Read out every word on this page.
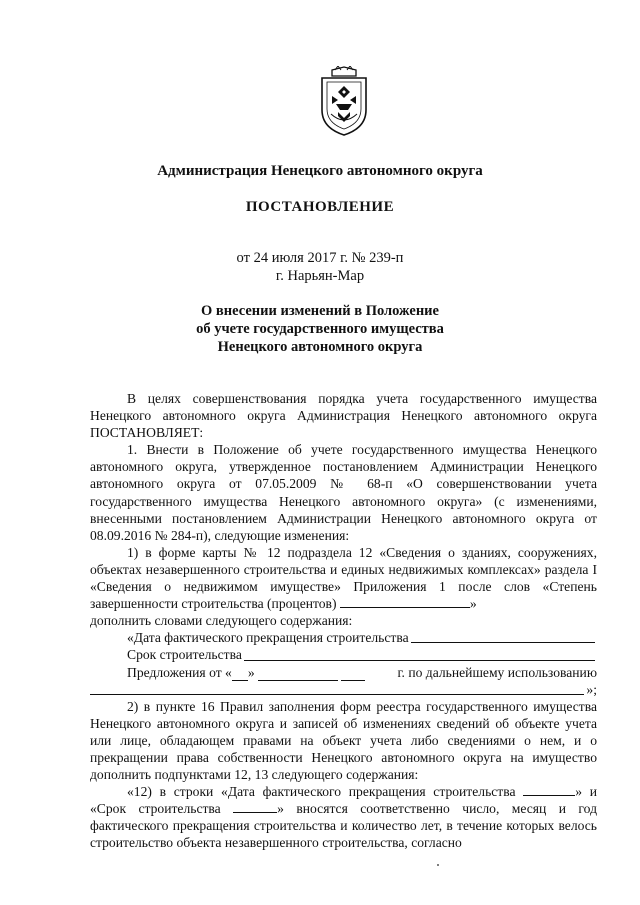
Администрация Ненецкого автономного округа
ПОСТАНОВЛЕНИЕ
от 24 июля 2017 г. № 239-п
г. Нарьян-Мар
О внесении изменений в Положение
об учете государственного имущества
Ненецкого автономного округа

В целях совершенствования порядка учета государственного имущества Ненецкого автономного округа Администрация Ненецкого автономного округа ПОСТАНОВЛЯЕТ:

1. Внести в Положение об учете государственного имущества Ненецкого автономного округа, утвержденное постановлением Администрации Ненецкого автономного округа от 07.05.2009 № 68-п «О совершенствовании учета государственного имущества Ненецкого автономного округа» (с изменениями, внесенными постановлением Администрации Ненецкого автономного округа от 08.09.2016 № 284-п), следующие изменения:

1) в форме карты № 12 подраздела 12 «Сведения о зданиях, сооружениях, объектах незавершенного строительства и единых недвижимых комплексах» раздела I «Сведения о недвижимом имуществе» Приложения 1 после слов «Степень завершенности строительства (процентов)	»

дополнить словами следующего содержания:

«Дата фактического прекращения строительства
Срок строительства
Предложения от « »

	г. по дальнейшему использованию
»;

2) в пункте 16 Правил заполнения форм реестра государственного имущества Ненецкого автономного округа и записей об изменениях сведений об объекте учета или лице, обладающем правами на объект учета либо сведениями о нем, и о прекращении права собственности Ненецкого автономного округа на имущество дополнить подпунктами 12, 13 следующего содержания:

«12) в строки «Дата фактического прекращения строительства	» и «Срок строительства	» вносятся соответственно число, месяц и год фактического прекращения строительства и количество лет, в течение которых велось строительство объекта незавершенного строительства, согласно
